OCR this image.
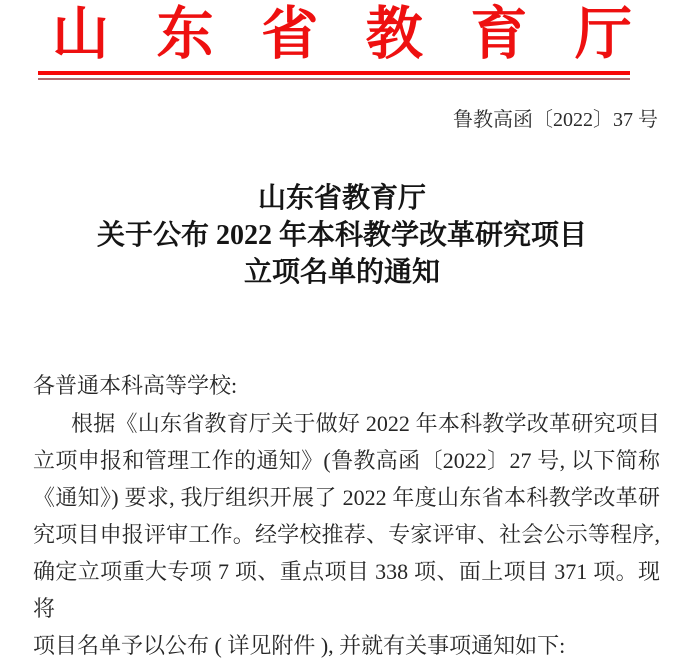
山 东 省 教 育 厅
鲁教高函〔2022〕37 号
山东省教育厅
关于公布 2022 年本科教学改革研究项目
立项名单的通知
各普通本科高等学校:
根据《山东省教育厅关于做好 2022 年本科教学改革研究项目
立项申报和管理工作的通知》(鲁教高函〔2022〕27 号, 以下简称
《通知》) 要求, 我厅组织开展了 2022 年度山东省本科教学改革研
究项目申报评审工作。经学校推荐、专家评审、社会公示等程序,
确定立项重大专项 7 项、重点项目 338 项、面上项目 371 项。现将
项目名单予以公布 ( 详见附件 ), 并就有关事项通知如下:
